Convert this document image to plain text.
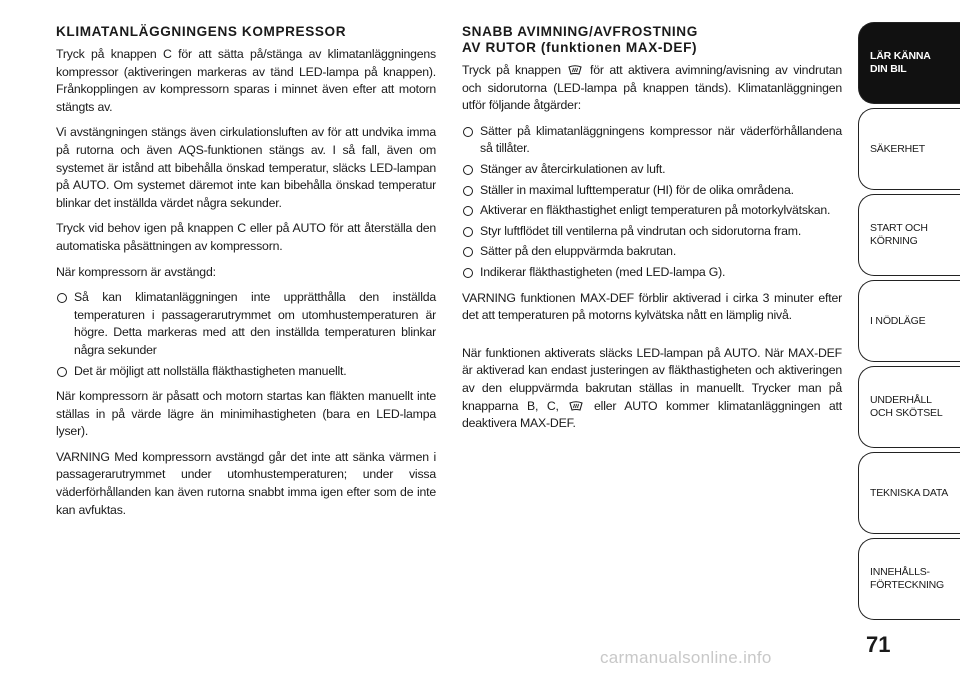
KLIMATANLÄGGNINGENS KOMPRESSOR

Tryck på knappen C för att sätta på/stänga av klimatanläggningens kompressor (aktiveringen markeras av tänd LED-lampa på knappen). Frånkopplingen av kompressorn sparas i minnet även efter att motorn stängts av.

Vi avstängningen stängs även cirkulationsluften av för att undvika imma på rutorna och även AQS-funktionen stängs av. I så fall, även om systemet är istånd att bibehålla önskad temperatur, släcks LED-lampan på AUTO. Om systemet däremot inte kan bibehålla önskad temperatur blinkar det inställda värdet några sekunder.

Tryck vid behov igen på knappen C eller på AUTO för att återställa den automatiska påsättningen av kompressorn.

När kompressorn är avstängd:

Så kan klimatanläggningen inte upprätthålla den inställda temperaturen i passagerarutrymmet om utomhustemperaturen är högre. Detta markeras med att den inställda temperaturen blinkar några sekunder
Det är möjligt att nollställa fläkthastigheten manuellt.

När kompressorn är påsatt och motorn startas kan fläkten manuellt inte ställas in på värde lägre än minimihastigheten (bara en LED-lampa lyser).

VARNING Med kompressorn avstängd går det inte att sänka värmen i passagerarutrymmet under utomhustemperaturen; under vissa väderförhållanden kan även rutorna snabbt imma igen efter som de inte kan avfuktas.

SNABB AVIMNING/AVFROSTNING
AV RUTOR (funktionen MAX-DEF)

Tryck på knappen för att aktivera avimning/avisning av vindrutan och sidorutorna (LED-lampa på knappen tänds). Klimatanläggningen utför följande åtgärder:

Sätter på klimatanläggningens kompressor när väderförhållandena så tillåter.
Stänger av återcirkulationen av luft.
Ställer in maximal lufttemperatur (HI) för de olika områdena.
Aktiverar en fläkthastighet enligt temperaturen på motorkylvätskan.
Styr luftflödet till ventilerna på vindrutan och sidorutorna fram.
Sätter på den eluppvärmda bakrutan.
Indikerar fläkthastigheten (med LED-lampa G).

VARNING funktionen MAX-DEF förblir aktiverad i cirka 3 minuter efter det att temperaturen på motorns kylvätska nått en lämplig nivå.

När funktionen aktiverats släcks LED-lampan på AUTO. När MAX-DEF är aktiverad kan endast justeringen av fläkthastigheten och aktiveringen av den eluppvärmda bakrutan ställas in manuellt. Trycker man på knapparna B, C,	eller AUTO kommer klimatanläggningen att deaktivera MAX-DEF.

LÄR KÄNNA
DIN BIL
SÄKERHET
START OCH
KÖRNING
I NÖDLÄGE
UNDERHÅLL
OCH SKÖTSEL
TEKNISKA DATA
INNEHÅLLS-
FÖRTECKNING
71
carmanualsonline.info
